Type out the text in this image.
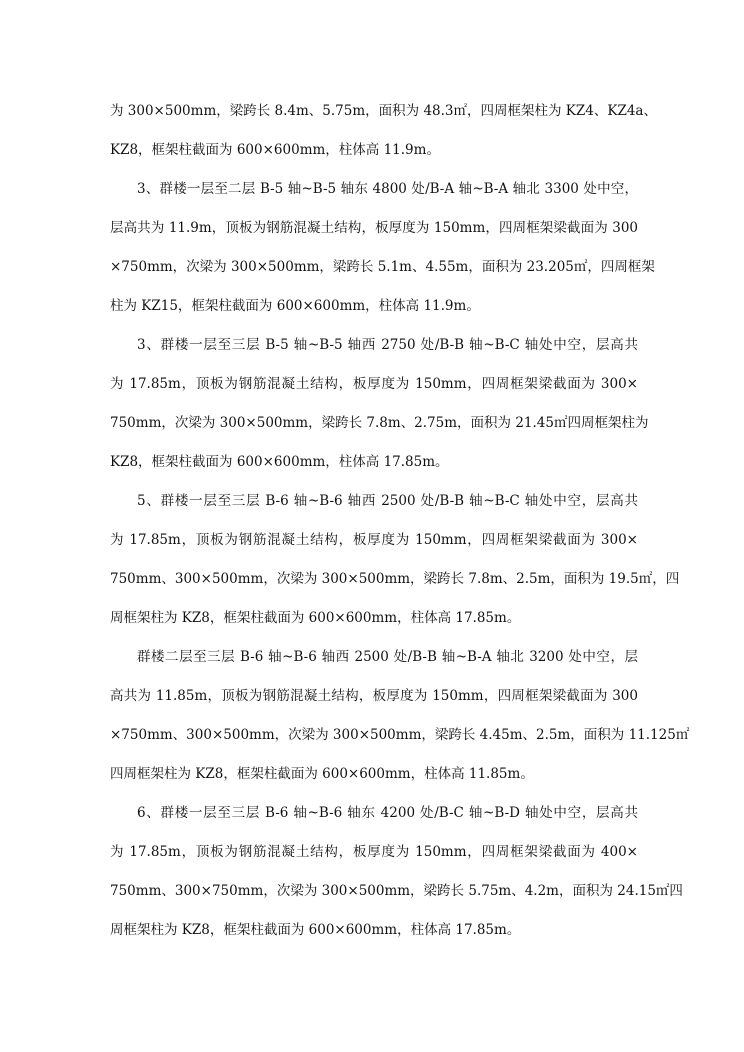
为 300×500mm，梁跨长 8.4m、5.75m，面积为 48.3㎡，四周框架柱为 KZ4、KZ4a、
KZ8，框架柱截面为 600×600mm，柱体高 11.9m。
3、群楼一层至二层 B-5 轴~B-5 轴东 4800 处/B-A 轴~B-A 轴北 3300 处中空，
层高共为 11.9m，顶板为钢筋混凝土结构，板厚度为 150mm，四周框架梁截面为 300
×750mm，次梁为 300×500mm，梁跨长 5.1m、4.55m，面积为 23.205㎡，四周框架
柱为 KZ15，框架柱截面为 600×600mm，柱体高 11.9m。
3、群楼一层至三层 B-5 轴~B-5 轴西 2750 处/B-B 轴~B-C 轴处中空，层高共
为 17.85m，顶板为钢筋混凝土结构，板厚度为 150mm，四周框架梁截面为 300×
750mm，次梁为 300×500mm，梁跨长 7.8m、2.75m，面积为 21.45㎡四周框架柱为
KZ8，框架柱截面为 600×600mm，柱体高 17.85m。
5、群楼一层至三层 B-6 轴~B-6 轴西 2500 处/B-B 轴~B-C 轴处中空，层高共
为 17.85m，顶板为钢筋混凝土结构，板厚度为 150mm，四周框架梁截面为 300×
750mm、300×500mm，次梁为 300×500mm，梁跨长 7.8m、2.5m，面积为 19.5㎡，四
周框架柱为 KZ8，框架柱截面为 600×600mm，柱体高 17.85m。
群楼二层至三层 B-6 轴~B-6 轴西 2500 处/B-B 轴~B-A 轴北 3200 处中空，层
高共为 11.85m，顶板为钢筋混凝土结构，板厚度为 150mm，四周框架梁截面为 300
×750mm、300×500mm，次梁为 300×500mm，梁跨长 4.45m、2.5m，面积为 11.125㎡
四周框架柱为 KZ8，框架柱截面为 600×600mm，柱体高 11.85m。
6、群楼一层至三层 B-6 轴~B-6 轴东 4200 处/B-C 轴~B-D 轴处中空，层高共
为 17.85m，顶板为钢筋混凝土结构，板厚度为 150mm，四周框架梁截面为 400×
750mm、300×750mm，次梁为 300×500mm，梁跨长 5.75m、4.2m，面积为 24.15㎡四
周框架柱为 KZ8，框架柱截面为 600×600mm，柱体高 17.85m。
